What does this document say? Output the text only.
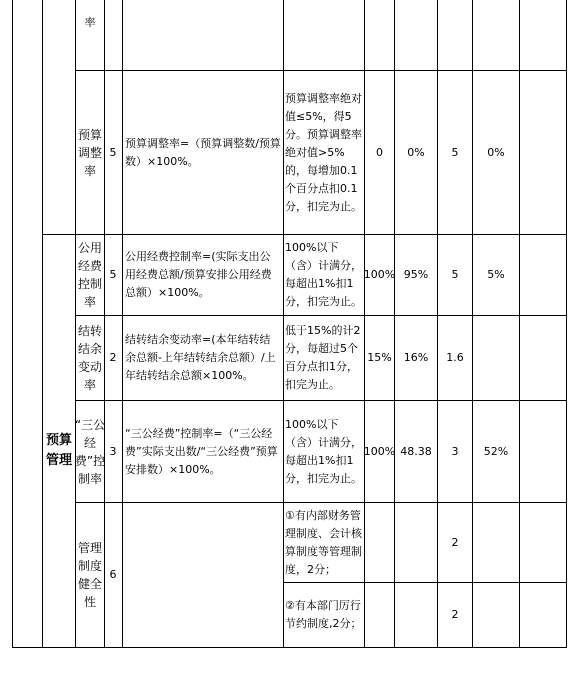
预算管理
率
预算调整率
5
预算调整率=（预算调整数/预算数）×100%。
预算调整率绝对值≤5%，得5分。预算调整率绝对值>5%的，每增加0.1个百分点扣0.1分，扣完为止。
0 0% 5	0%
公用经费控制率
5
公用经费控制率=(实际支出公用经费总额/预算安排公用经费总额）×100%。
100%以下（含）计满分，每超出1%扣1分，扣完为止。
100% 95% 5	5%
结转结余变动率
2
结转结余变动率=(本年结转结余总额-上年结转结余总额）/上年结转结余总额×100%。
低于15%的计2分，每超过5个百分点扣1分，扣完为止。
15% 16% 1.6
“三公经费”控制率
3
“三公经费”控制率=（“三公经费”实际支出数/“三公经费”预算安排数）×100%。
100%以下（含）计满分，每超出1%扣1分，扣完为止。
100% 48.38 3 52%
管理制度健全性
6
①有内部财务管理制度、会计核算制度等管理制度，2分；
2
②有本部门厉行节约制度,2分；
2
